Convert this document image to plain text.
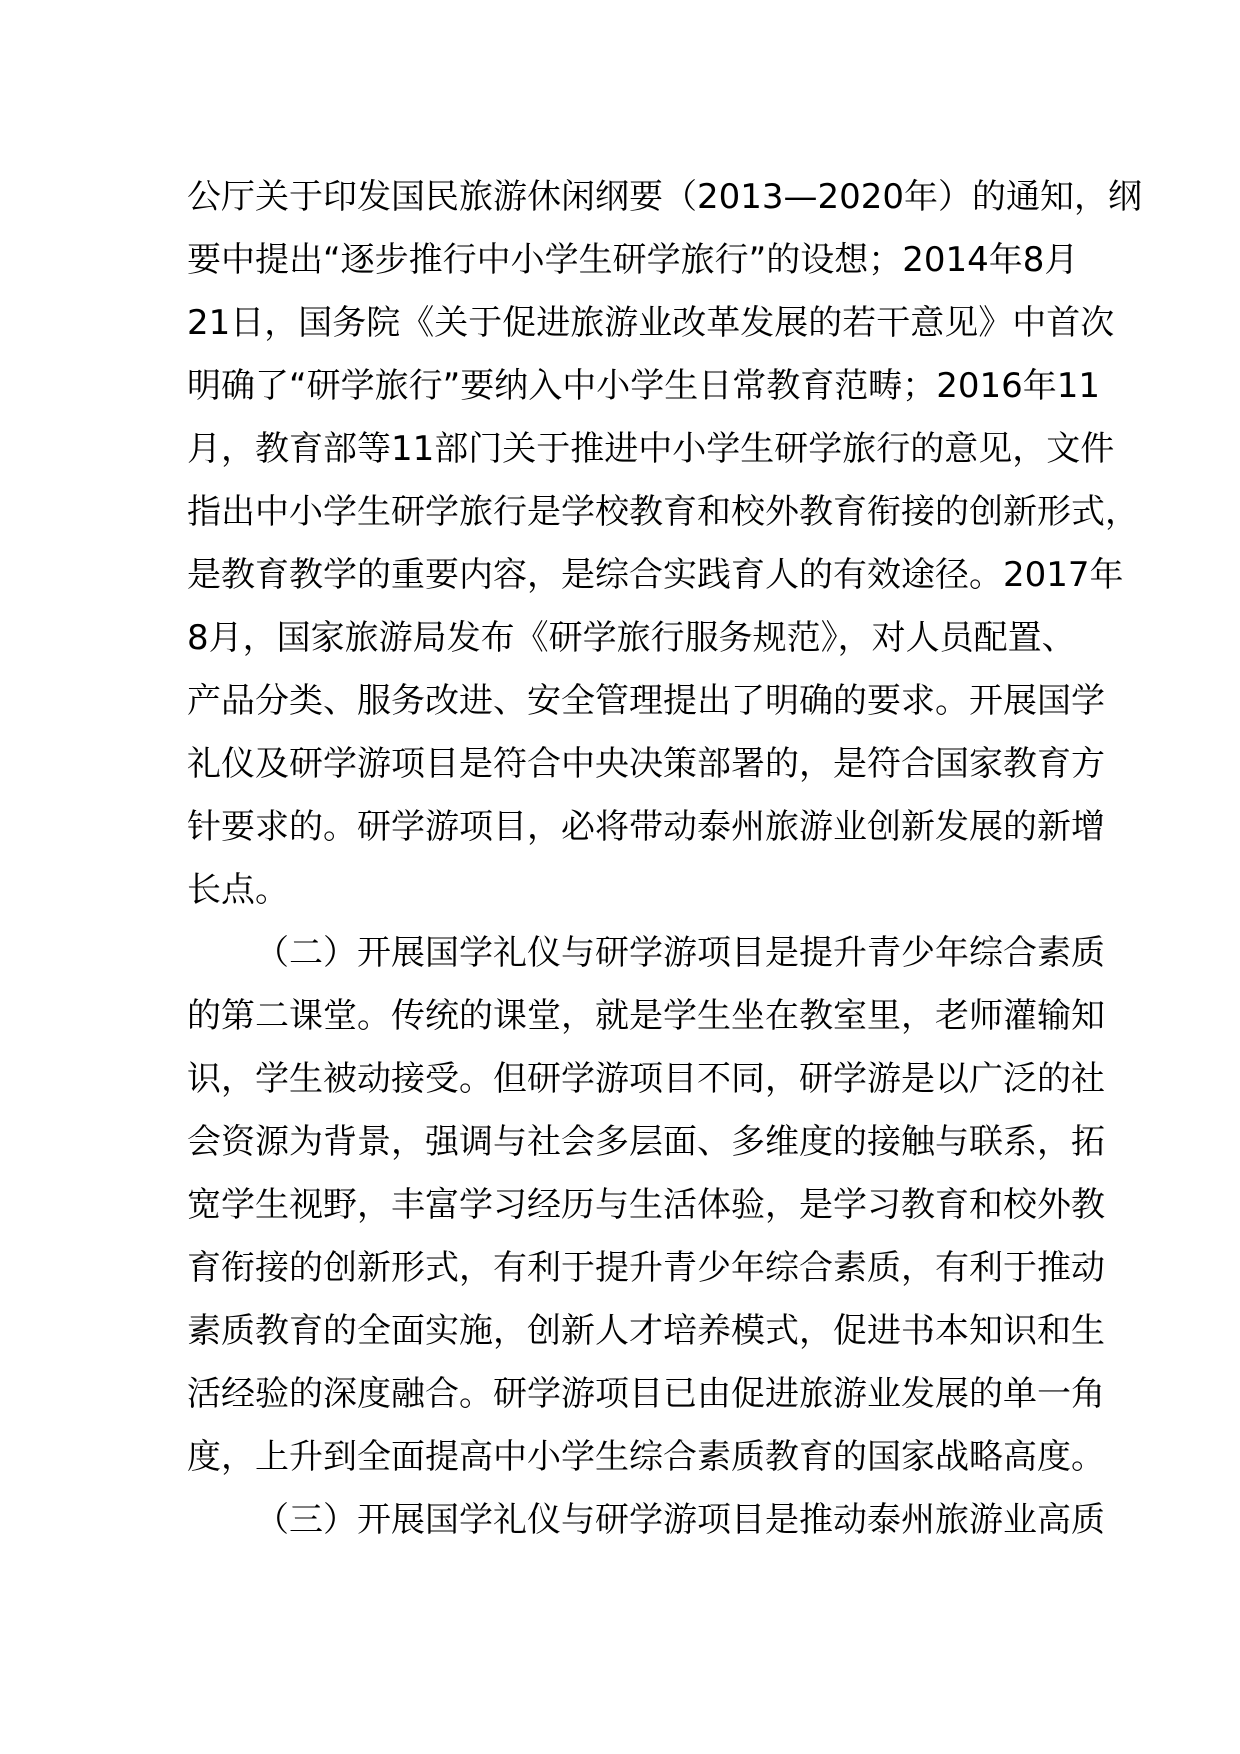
公厅关于印发国民旅游休闲纲要（2013—2020年）的通知，纲
要中提出“逐步推行中小学生研学旅行”的设想；2014年8月
21日，国务院《关于促进旅游业改革发展的若干意见》中首次
明确了“研学旅行”要纳入中小学生日常教育范畴；2016年11
月，教育部等11部门关于推进中小学生研学旅行的意见，文件
指出中小学生研学旅行是学校教育和校外教育衔接的创新形式，
是教育教学的重要内容，是综合实践育人的有效途径。2017年
8月，国家旅游局发布《研学旅行服务规范》，对人员配置、
产品分类、服务改进、安全管理提出了明确的要求。开展国学
礼仪及研学游项目是符合中央决策部署的，是符合国家教育方
针要求的。研学游项目，必将带动泰州旅游业创新发展的新增
长点。
（二）开展国学礼仪与研学游项目是提升青少年综合素质
的第二课堂。传统的课堂，就是学生坐在教室里，老师灌输知
识，学生被动接受。但研学游项目不同，研学游是以广泛的社
会资源为背景，强调与社会多层面、多维度的接触与联系，拓
宽学生视野，丰富学习经历与生活体验，是学习教育和校外教
育衔接的创新形式，有利于提升青少年综合素质，有利于推动
素质教育的全面实施，创新人才培养模式，促进书本知识和生
活经验的深度融合。研学游项目已由促进旅游业发展的单一角
度，上升到全面提高中小学生综合素质教育的国家战略高度。
（三）开展国学礼仪与研学游项目是推动泰州旅游业高质
